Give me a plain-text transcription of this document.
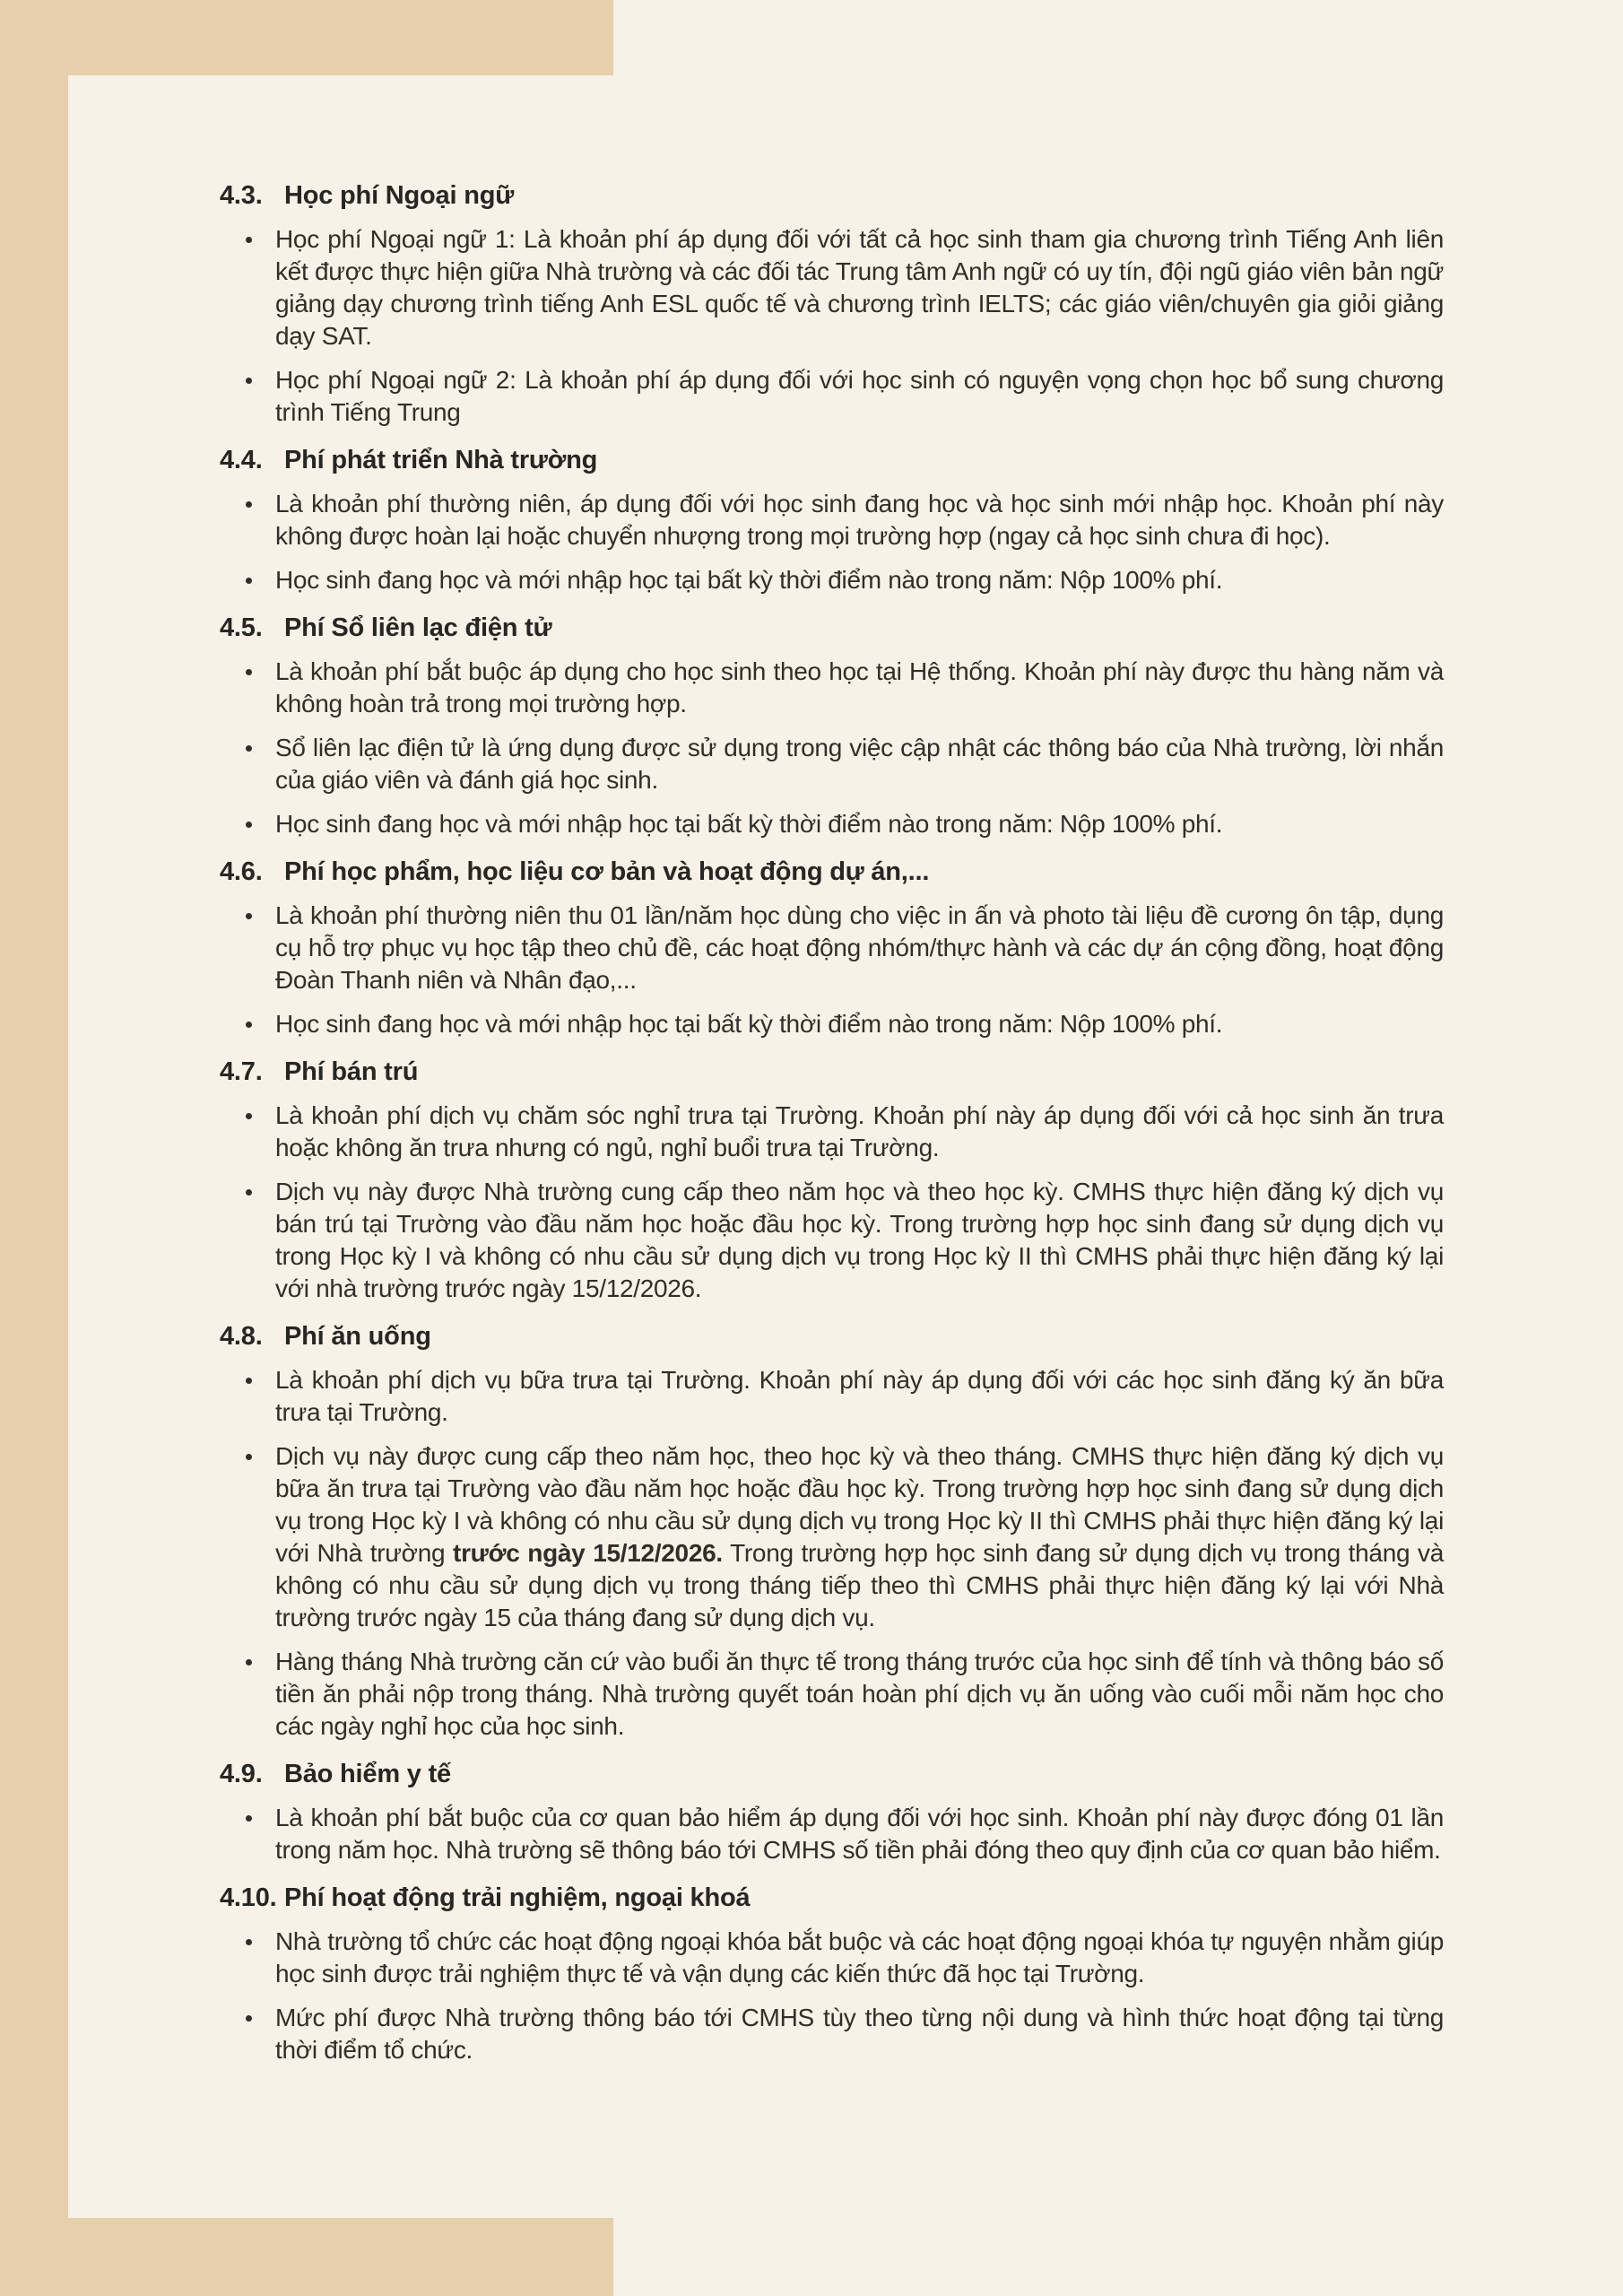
4.3. Học phí Ngoại ngữ
Học phí Ngoại ngữ 1: Là khoản phí áp dụng đối với tất cả học sinh tham gia chương trình Tiếng Anh liên kết được thực hiện giữa Nhà trường và các đối tác Trung tâm Anh ngữ có uy tín, đội ngũ giáo viên bản ngữ giảng dạy chương trình tiếng Anh ESL quốc tế và chương trình IELTS; các giáo viên/chuyên gia giỏi giảng dạy SAT.
Học phí Ngoại ngữ 2: Là khoản phí áp dụng đối với học sinh có nguyện vọng chọn học bổ sung chương trình Tiếng Trung
4.4. Phí phát triển Nhà trường
Là khoản phí thường niên, áp dụng đối với học sinh đang học và học sinh mới nhập học. Khoản phí này không được hoàn lại hoặc chuyển nhượng trong mọi trường hợp (ngay cả học sinh chưa đi học).
Học sinh đang học và mới nhập học tại bất kỳ thời điểm nào trong năm: Nộp 100% phí.
4.5. Phí Sổ liên lạc điện tử
Là khoản phí bắt buộc áp dụng cho học sinh theo học tại Hệ thống. Khoản phí này được thu hàng năm và không hoàn trả trong mọi trường hợp.
Sổ liên lạc điện tử là ứng dụng được sử dụng trong việc cập nhật các thông báo của Nhà trường, lời nhắn của giáo viên và đánh giá học sinh.
Học sinh đang học và mới nhập học tại bất kỳ thời điểm nào trong năm: Nộp 100% phí.
4.6. Phí học phẩm, học liệu cơ bản và hoạt động dự án,...
Là khoản phí thường niên thu 01 lần/năm học dùng cho việc in ấn và photo tài liệu đề cương ôn tập, dụng cụ hỗ trợ phục vụ học tập theo chủ đề, các hoạt động nhóm/thực hành và các dự án cộng đồng, hoạt động Đoàn Thanh niên và Nhân đạo,...
Học sinh đang học và mới nhập học tại bất kỳ thời điểm nào trong năm: Nộp 100% phí.
4.7. Phí bán trú
Là khoản phí dịch vụ chăm sóc nghỉ trưa tại Trường. Khoản phí này áp dụng đối với cả học sinh ăn trưa hoặc không ăn trưa nhưng có ngủ, nghỉ buổi trưa tại Trường.
Dịch vụ này được Nhà trường cung cấp theo năm học và theo học kỳ. CMHS thực hiện đăng ký dịch vụ bán trú tại Trường vào đầu năm học hoặc đầu học kỳ. Trong trường hợp học sinh đang sử dụng dịch vụ trong Học kỳ I và không có nhu cầu sử dụng dịch vụ trong Học kỳ II thì CMHS phải thực hiện đăng ký lại với nhà trường trước ngày 15/12/2026.
4.8. Phí ăn uống
Là khoản phí dịch vụ bữa trưa tại Trường. Khoản phí này áp dụng đối với các học sinh đăng ký ăn bữa trưa tại Trường.
Dịch vụ này được cung cấp theo năm học, theo học kỳ và theo tháng. CMHS thực hiện đăng ký dịch vụ bữa ăn trưa tại Trường vào đầu năm học hoặc đầu học kỳ. Trong trường hợp học sinh đang sử dụng dịch vụ trong Học kỳ I và không có nhu cầu sử dụng dịch vụ trong Học kỳ II thì CMHS phải thực hiện đăng ký lại với Nhà trường trước ngày 15/12/2026. Trong trường hợp học sinh đang sử dụng dịch vụ trong tháng và không có nhu cầu sử dụng dịch vụ trong tháng tiếp theo thì CMHS phải thực hiện đăng ký lại với Nhà trường trước ngày 15 của tháng đang sử dụng dịch vụ.
Hàng tháng Nhà trường căn cứ vào buổi ăn thực tế trong tháng trước của học sinh để tính và thông báo số tiền ăn phải nộp trong tháng. Nhà trường quyết toán hoàn phí dịch vụ ăn uống vào cuối mỗi năm học cho các ngày nghỉ học của học sinh.
4.9. Bảo hiểm y tế
Là khoản phí bắt buộc của cơ quan bảo hiểm áp dụng đối với học sinh. Khoản phí này được đóng 01 lần trong năm học. Nhà trường sẽ thông báo tới CMHS số tiền phải đóng theo quy định của cơ quan bảo hiểm.
4.10. Phí hoạt động trải nghiệm, ngoại khoá
Nhà trường tổ chức các hoạt động ngoại khóa bắt buộc và các hoạt động ngoại khóa tự nguyện nhằm giúp học sinh được trải nghiệm thực tế và vận dụng các kiến thức đã học tại Trường.
Mức phí được Nhà trường thông báo tới CMHS tùy theo từng nội dung và hình thức hoạt động tại từng thời điểm tổ chức.
